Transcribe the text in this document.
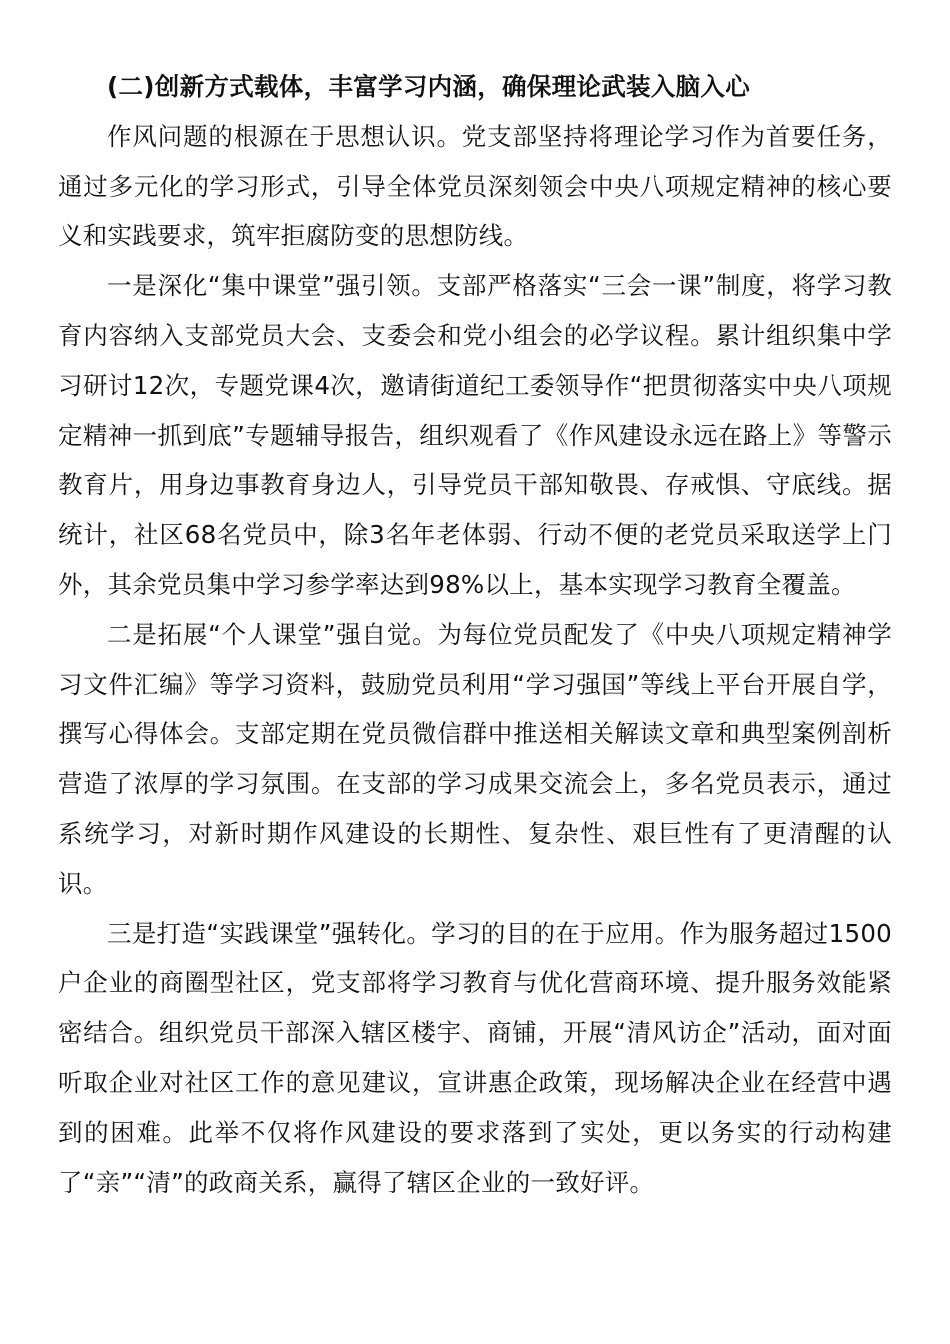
(二)创新方式载体，丰富学习内涵，确保理论武装入脑入心

作风问题的根源在于思想认识。党支部坚持将理论学习作为首要任务，通过多元化的学习形式，引导全体党员深刻领会中央八项规定精神的核心要义和实践要求，筑牢拒腐防变的思想防线。

一是深化“集中课堂”强引领。支部严格落实“三会一课”制度，将学习教育内容纳入支部党员大会、支委会和党小组会的必学议程。累计组织集中学习研讨12次，专题党课4次，邀请街道纪工委领导作“把贯彻落实中央八项规定精神一抓到底”专题辅导报告，组织观看了《作风建设永远在路上》等警示教育片，用身边事教育身边人，引导党员干部知敬畏、存戒惧、守底线。据统计，社区68名党员中，除3名年老体弱、行动不便的老党员采取送学上门外，其余党员集中学习参学率达到98%以上，基本实现学习教育全覆盖。

二是拓展“个人课堂”强自觉。为每位党员配发了《中央八项规定精神学习文件汇编》等学习资料，鼓励党员利用“学习强国”等线上平台开展自学，撰写心得体会。支部定期在党员微信群中推送相关解读文章和典型案例剖析营造了浓厚的学习氛围。在支部的学习成果交流会上，多名党员表示，通过系统学习，对新时期作风建设的长期性、复杂性、艰巨性有了更清醒的认识。

三是打造“实践课堂”强转化。学习的目的在于应用。作为服务超过1500户企业的商圈型社区，党支部将学习教育与优化营商环境、提升服务效能紧密结合。组织党员干部深入辖区楼宇、商铺，开展“清风访企”活动，面对面听取企业对社区工作的意见建议，宣讲惠企政策，现场解决企业在经营中遇到的困难。此举不仅将作风建设的要求落到了实处，更以务实的行动构建了“亲”“清”的政商关系，赢得了辖区企业的一致好评。
